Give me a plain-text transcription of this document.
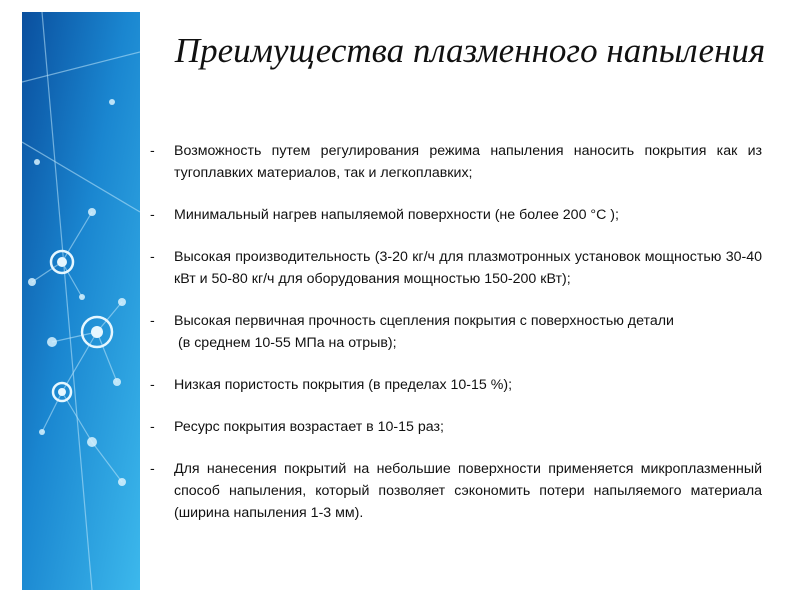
Преимущества плазменного напыления
- Возможность путем регулирования режима напыления наносить покрытия как из тугоплавких материалов, так и легкоплавких;
- Минимальный нагрев напыляемой поверхности (не более 200 °С );
- Высокая производительность (3-20 кг/ч для плазмотронных установок мощностью 30-40 кВт и 50-80 кг/ч для оборудования мощностью 150-200 кВт);
- Высокая первичная прочность сцепления покрытия с поверхностью детали
(в среднем 10-55 МПа на отрыв);
- Низкая пористость покрытия (в пределах 10-15 %);
- Ресурс покрытия возрастает в 10-15 раз;
- Для нанесения покрытий на небольшие поверхности применяется микроплазменный способ напыления, который позволяет сэкономить потери напыляемого материала (ширина напыления 1-3 мм).
